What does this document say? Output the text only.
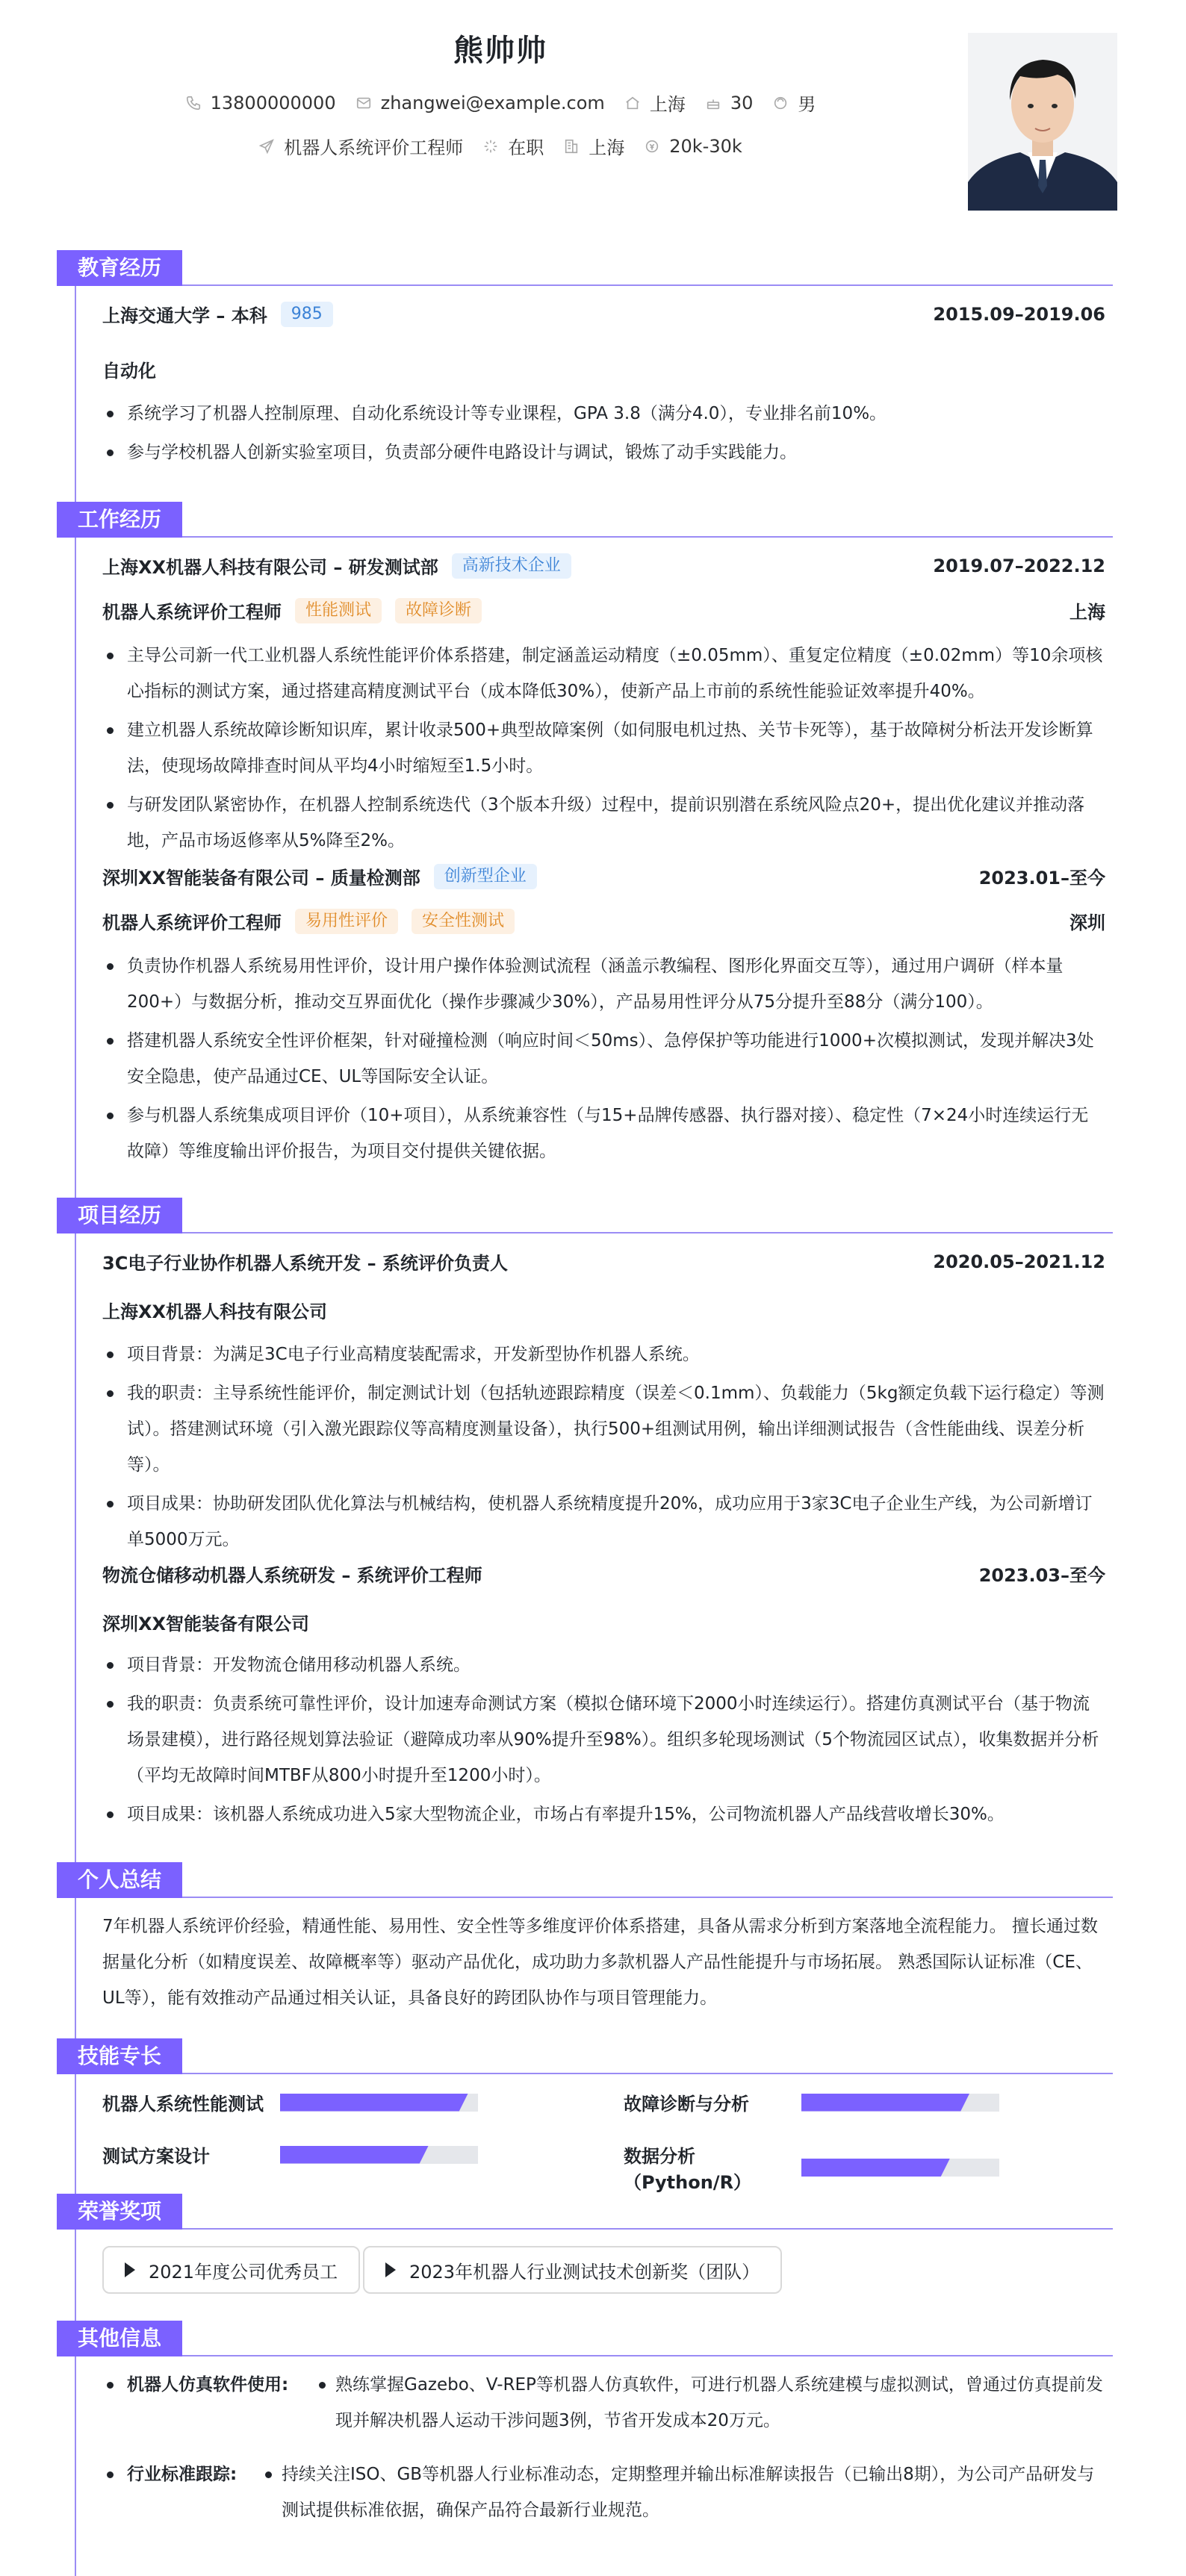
熊帅帅
13800000000	zhangwei@example.com	上海	30	男
机器人系统评价工程师	在职	上海	20k-30k
教育经历
上海交通大学 – 本科	985	2015.09–2019.06
自动化
系统学习了机器人控制原理、自动化系统设计等专业课程，GPA 3.8（满分4.0），专业排名前10%。
参与学校机器人创新实验室项目，负责部分硬件电路设计与调试，锻炼了动手实践能力。
工作经历
上海XX机器人科技有限公司 – 研发测试部	高新技术企业	2019.07–2022.12
机器人系统评价工程师	性能测试	故障诊断	上海
主导公司新一代工业机器人系统性能评价体系搭建，制定涵盖运动精度（±0.05mm）、重复定位精度（±0.02mm）等10余项核心指标的测试方案，通过搭建高精度测试平台（成本降低30%），使新产品上市前的系统性能验证效率提升40%。
建立机器人系统故障诊断知识库，累计收录500+典型故障案例（如伺服电机过热、关节卡死等），基于故障树分析法开发诊断算法，使现场故障排查时间从平均4小时缩短至1.5小时。
与研发团队紧密协作，在机器人控制系统迭代（3个版本升级）过程中，提前识别潜在系统风险点20+，提出优化建议并推动落地，产品市场返修率从5%降至2%。
深圳XX智能装备有限公司 – 质量检测部	创新型企业	2023.01–至今
机器人系统评价工程师	易用性评价	安全性测试	深圳
负责协作机器人系统易用性评价，设计用户操作体验测试流程（涵盖示教编程、图形化界面交互等），通过用户调研（样本量200+）与数据分析，推动交互界面优化（操作步骤减少30%），产品易用性评分从75分提升至88分（满分100）。
搭建机器人系统安全性评价框架，针对碰撞检测（响应时间＜50ms）、急停保护等功能进行1000+次模拟测试，发现并解决3处安全隐患，使产品通过CE、UL等国际安全认证。
参与机器人系统集成项目评价（10+项目），从系统兼容性（与15+品牌传感器、执行器对接）、稳定性（7×24小时连续运行无故障）等维度输出评价报告，为项目交付提供关键依据。
项目经历
3C电子行业协作机器人系统开发 – 系统评价负责人	2020.05–2021.12
上海XX机器人科技有限公司
项目背景：为满足3C电子行业高精度装配需求，开发新型协作机器人系统。
我的职责：主导系统性能评价，制定测试计划（包括轨迹跟踪精度（误差＜0.1mm）、负载能力（5kg额定负载下运行稳定）等测试）。搭建测试环境（引入激光跟踪仪等高精度测量设备），执行500+组测试用例，输出详细测试报告（含性能曲线、误差分析等）。
项目成果：协助研发团队优化算法与机械结构，使机器人系统精度提升20%，成功应用于3家3C电子企业生产线，为公司新增订单5000万元。
物流仓储移动机器人系统研发 – 系统评价工程师	2023.03–至今
深圳XX智能装备有限公司
项目背景：开发物流仓储用移动机器人系统。
我的职责：负责系统可靠性评价，设计加速寿命测试方案（模拟仓储环境下2000小时连续运行）。搭建仿真测试平台（基于物流场景建模），进行路径规划算法验证（避障成功率从90%提升至98%）。组织多轮现场测试（5个物流园区试点），收集数据并分析（平均无故障时间MTBF从800小时提升至1200小时）。
项目成果：该机器人系统成功进入5家大型物流企业，市场占有率提升15%，公司物流机器人产品线营收增长30%。
个人总结
7年机器人系统评价经验，精通性能、易用性、安全性等多维度评价体系搭建，具备从需求分析到方案落地全流程能力。 擅长通过数据量化分析（如精度误差、故障概率等）驱动产品优化，成功助力多款机器人产品性能提升与市场拓展。 熟悉国际认证标准（CE、UL等），能有效推动产品通过相关认证，具备良好的跨团队协作与项目管理能力。
技能专长
机器人系统性能测试	故障诊断与分析
测试方案设计	数据分析（Python/R）
荣誉奖项
2021年度公司优秀员工	2023年机器人行业测试技术创新奖（团队）
其他信息
机器人仿真软件使用:	熟练掌握Gazebo、V-REP等机器人仿真软件，可进行机器人系统建模与虚拟测试，曾通过仿真提前发现并解决机器人运动干涉问题3例，节省开发成本20万元。
行业标准跟踪:	持续关注ISO、GB等机器人行业标准动态，定期整理并输出标准解读报告（已输出8期），为公司产品研发与测试提供标准依据，确保产品符合最新行业规范。
